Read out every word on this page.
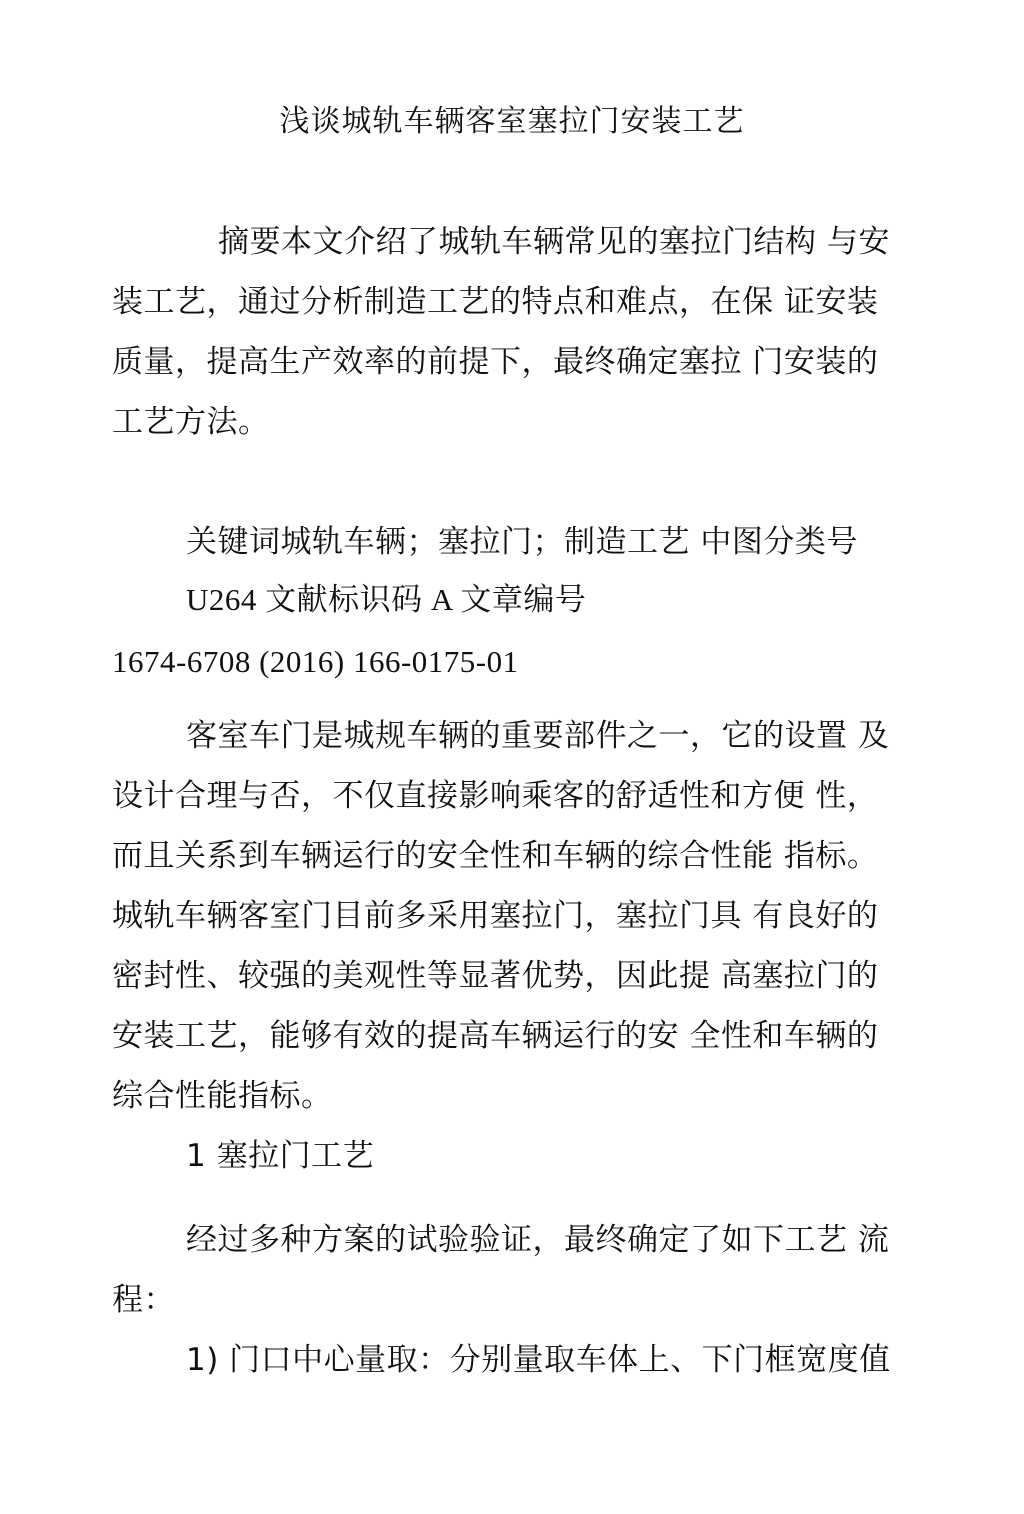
浅谈城轨车辆客室塞拉门安装工艺
摘要本文介绍了城轨车辆常见的塞拉门结构 与安
装工艺，通过分析制造工艺的特点和难点，在保 证安装
质量，提高生产效率的前提下，最终确定塞拉 门安装的
工艺方法。
关键词城轨车辆；塞拉门；制造工艺 中图分类号
U264 文献标识码 A 文章编号
1674-6708 (2016) 166-0175-01
客室车门是城规车辆的重要部件之一，它的设置 及
设计合理与否，不仅直接影响乘客的舒适性和方便 性，
而且关系到车辆运行的安全性和车辆的综合性能 指标。
城轨车辆客室门目前多采用塞拉门，塞拉门具 有良好的
密封性、较强的美观性等显著优势，因此提 高塞拉门的
安装工艺，能够有效的提高车辆运行的安 全性和车辆的
综合性能指标。
1 塞拉门工艺
经过多种方案的试验验证，最终确定了如下工艺 流
程：
1) 门口中心量取：分别量取车体上、下门框宽度值
